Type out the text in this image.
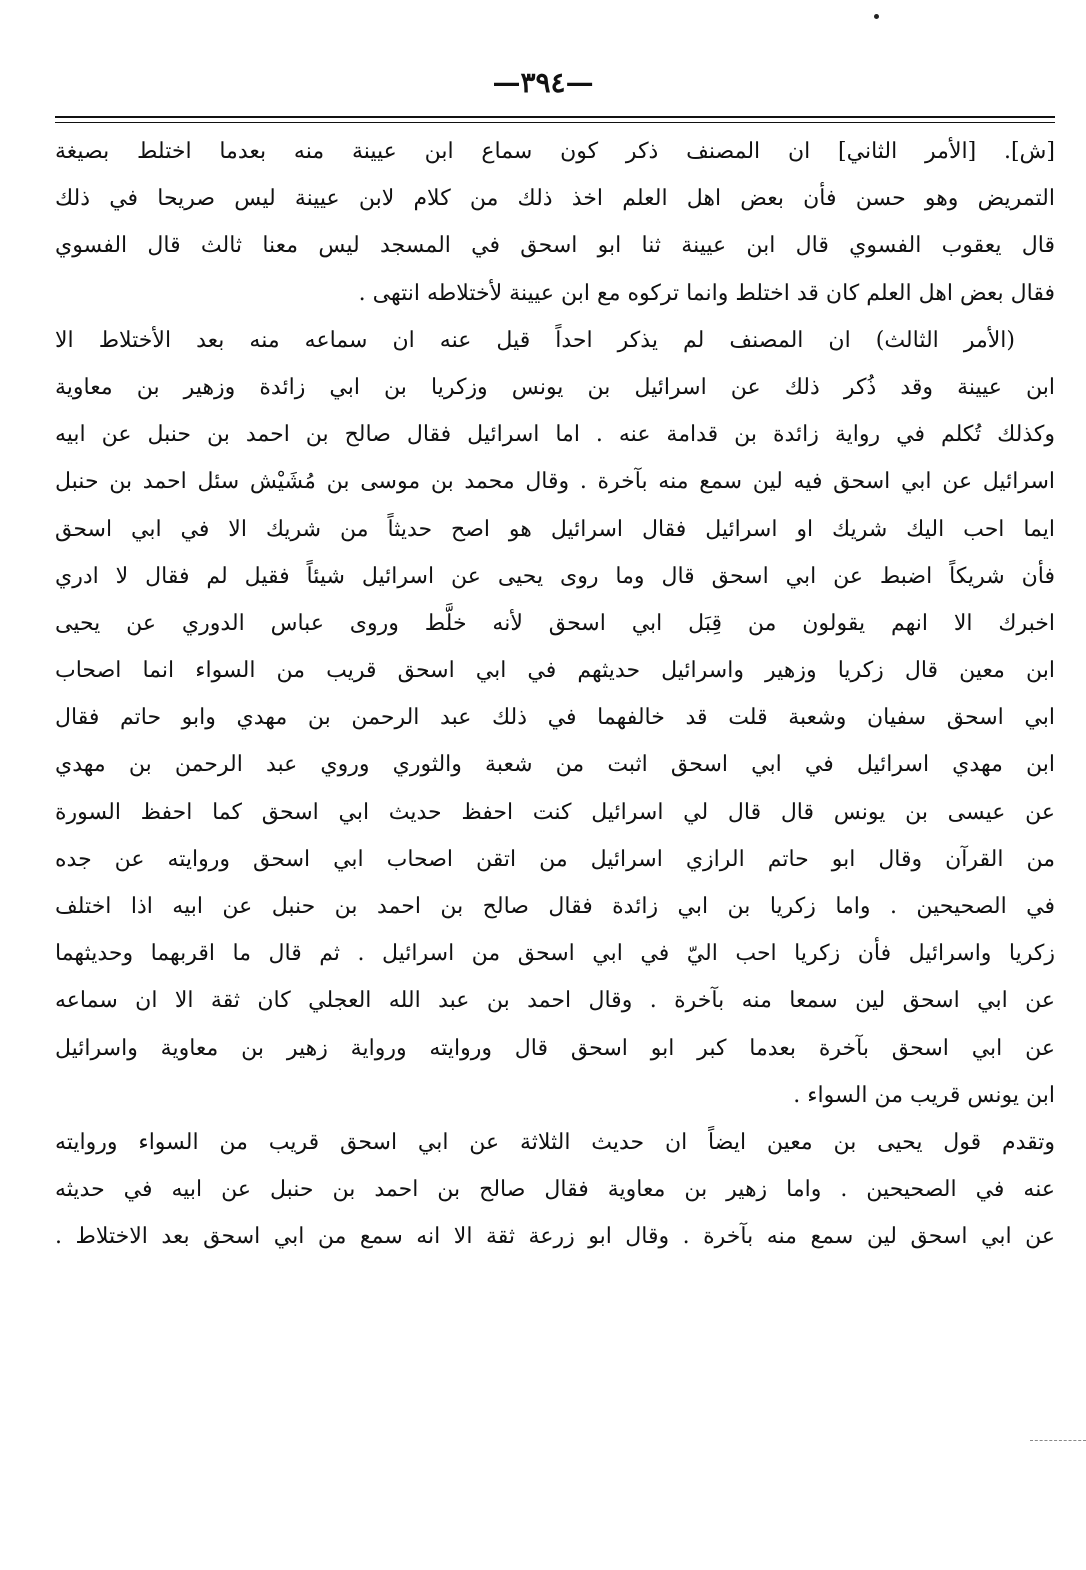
—٣٩٤—
[ش]. [الأمر الثاني] ان المصنف ذكر كون سماع ابن عيينة منه بعدما اختلط بصيغة
التمريض وهو حسن فأن بعض اهل العلم اخذ ذلك من كلام لابن عيينة ليس صريحا في ذلك
قال يعقوب الفسوي قال ابن عيينة ثنا ابو اسحق في المسجد ليس معنا ثالث قال الفسوي
فقال بعض اهل العلم كان قد اختلط وانما تركوه مع ابن عيينة لأختلاطه انتهى .
(الأمر الثالث) ان المصنف لم يذكر احداً قيل عنه ان سماعه منه بعد الأختلاط الا
ابن عيينة وقد ذُكر ذلك عن اسرائيل بن يونس وزكريا بن ابي زائدة وزهير بن معاوية
وكذلك تُكلم في رواية زائدة بن قدامة عنه . اما اسرائيل فقال صالح بن احمد بن حنبل عن ابيه
اسرائيل عن ابي اسحق فيه لين سمع منه بآخرة . وقال محمد بن موسى بن مُشَيْش سئل احمد بن حنبل
ايما احب اليك شريك او اسرائيل فقال اسرائيل هو اصح حديثاً من شريك الا في ابي اسحق
فأن شريكاً اضبط عن ابي اسحق قال وما روى يحيى عن اسرائيل شيئاً فقيل لم فقال لا ادري
اخبرك الا انهم يقولون من قِبَل ابي اسحق لأنه خلَّط وروى عباس الدوري عن يحيى
ابن معين قال زكريا وزهير واسرائيل حديثهم في ابي اسحق قريب من السواء انما اصحاب
ابي اسحق سفيان وشعبة قلت قد خالفهما في ذلك عبد الرحمن بن مهدي وابو حاتم فقال
ابن مهدي اسرائيل في ابي اسحق اثبت من شعبة والثوري وروي عبد الرحمن بن مهدي
عن عيسى بن يونس قال قال لي اسرائيل كنت احفظ حديث ابي اسحق كما احفظ السورة
من القرآن وقال ابو حاتم الرازي اسرائيل من اتقن اصحاب ابي اسحق وروايته عن جده
في الصحيحين . واما زكريا بن ابي زائدة فقال صالح بن احمد بن حنبل عن ابيه اذا اختلف
زكريا واسرائيل فأن زكريا احب اليّ في ابي اسحق من اسرائيل . ثم قال ما اقربهما وحديثهما
عن ابي اسحق لين سمعا منه بآخرة . وقال احمد بن عبد الله العجلي كان ثقة الا ان سماعه
عن ابي اسحق بآخرة بعدما كبر ابو اسحق قال وروايته ورواية زهير بن معاوية واسرائيل
ابن يونس قريب من السواء .
وتقدم قول يحيى بن معين ايضاً ان حديث الثلاثة عن ابي اسحق قريب من السواء وروايته
عنه في الصحيحين . واما زهير بن معاوية فقال صالح بن احمد بن حنبل عن ابيه في حديثه
عن ابي اسحق لين سمع منه بآخرة . وقال ابو زرعة ثقة الا انه سمع من ابي اسحق بعد الاختلاط .
